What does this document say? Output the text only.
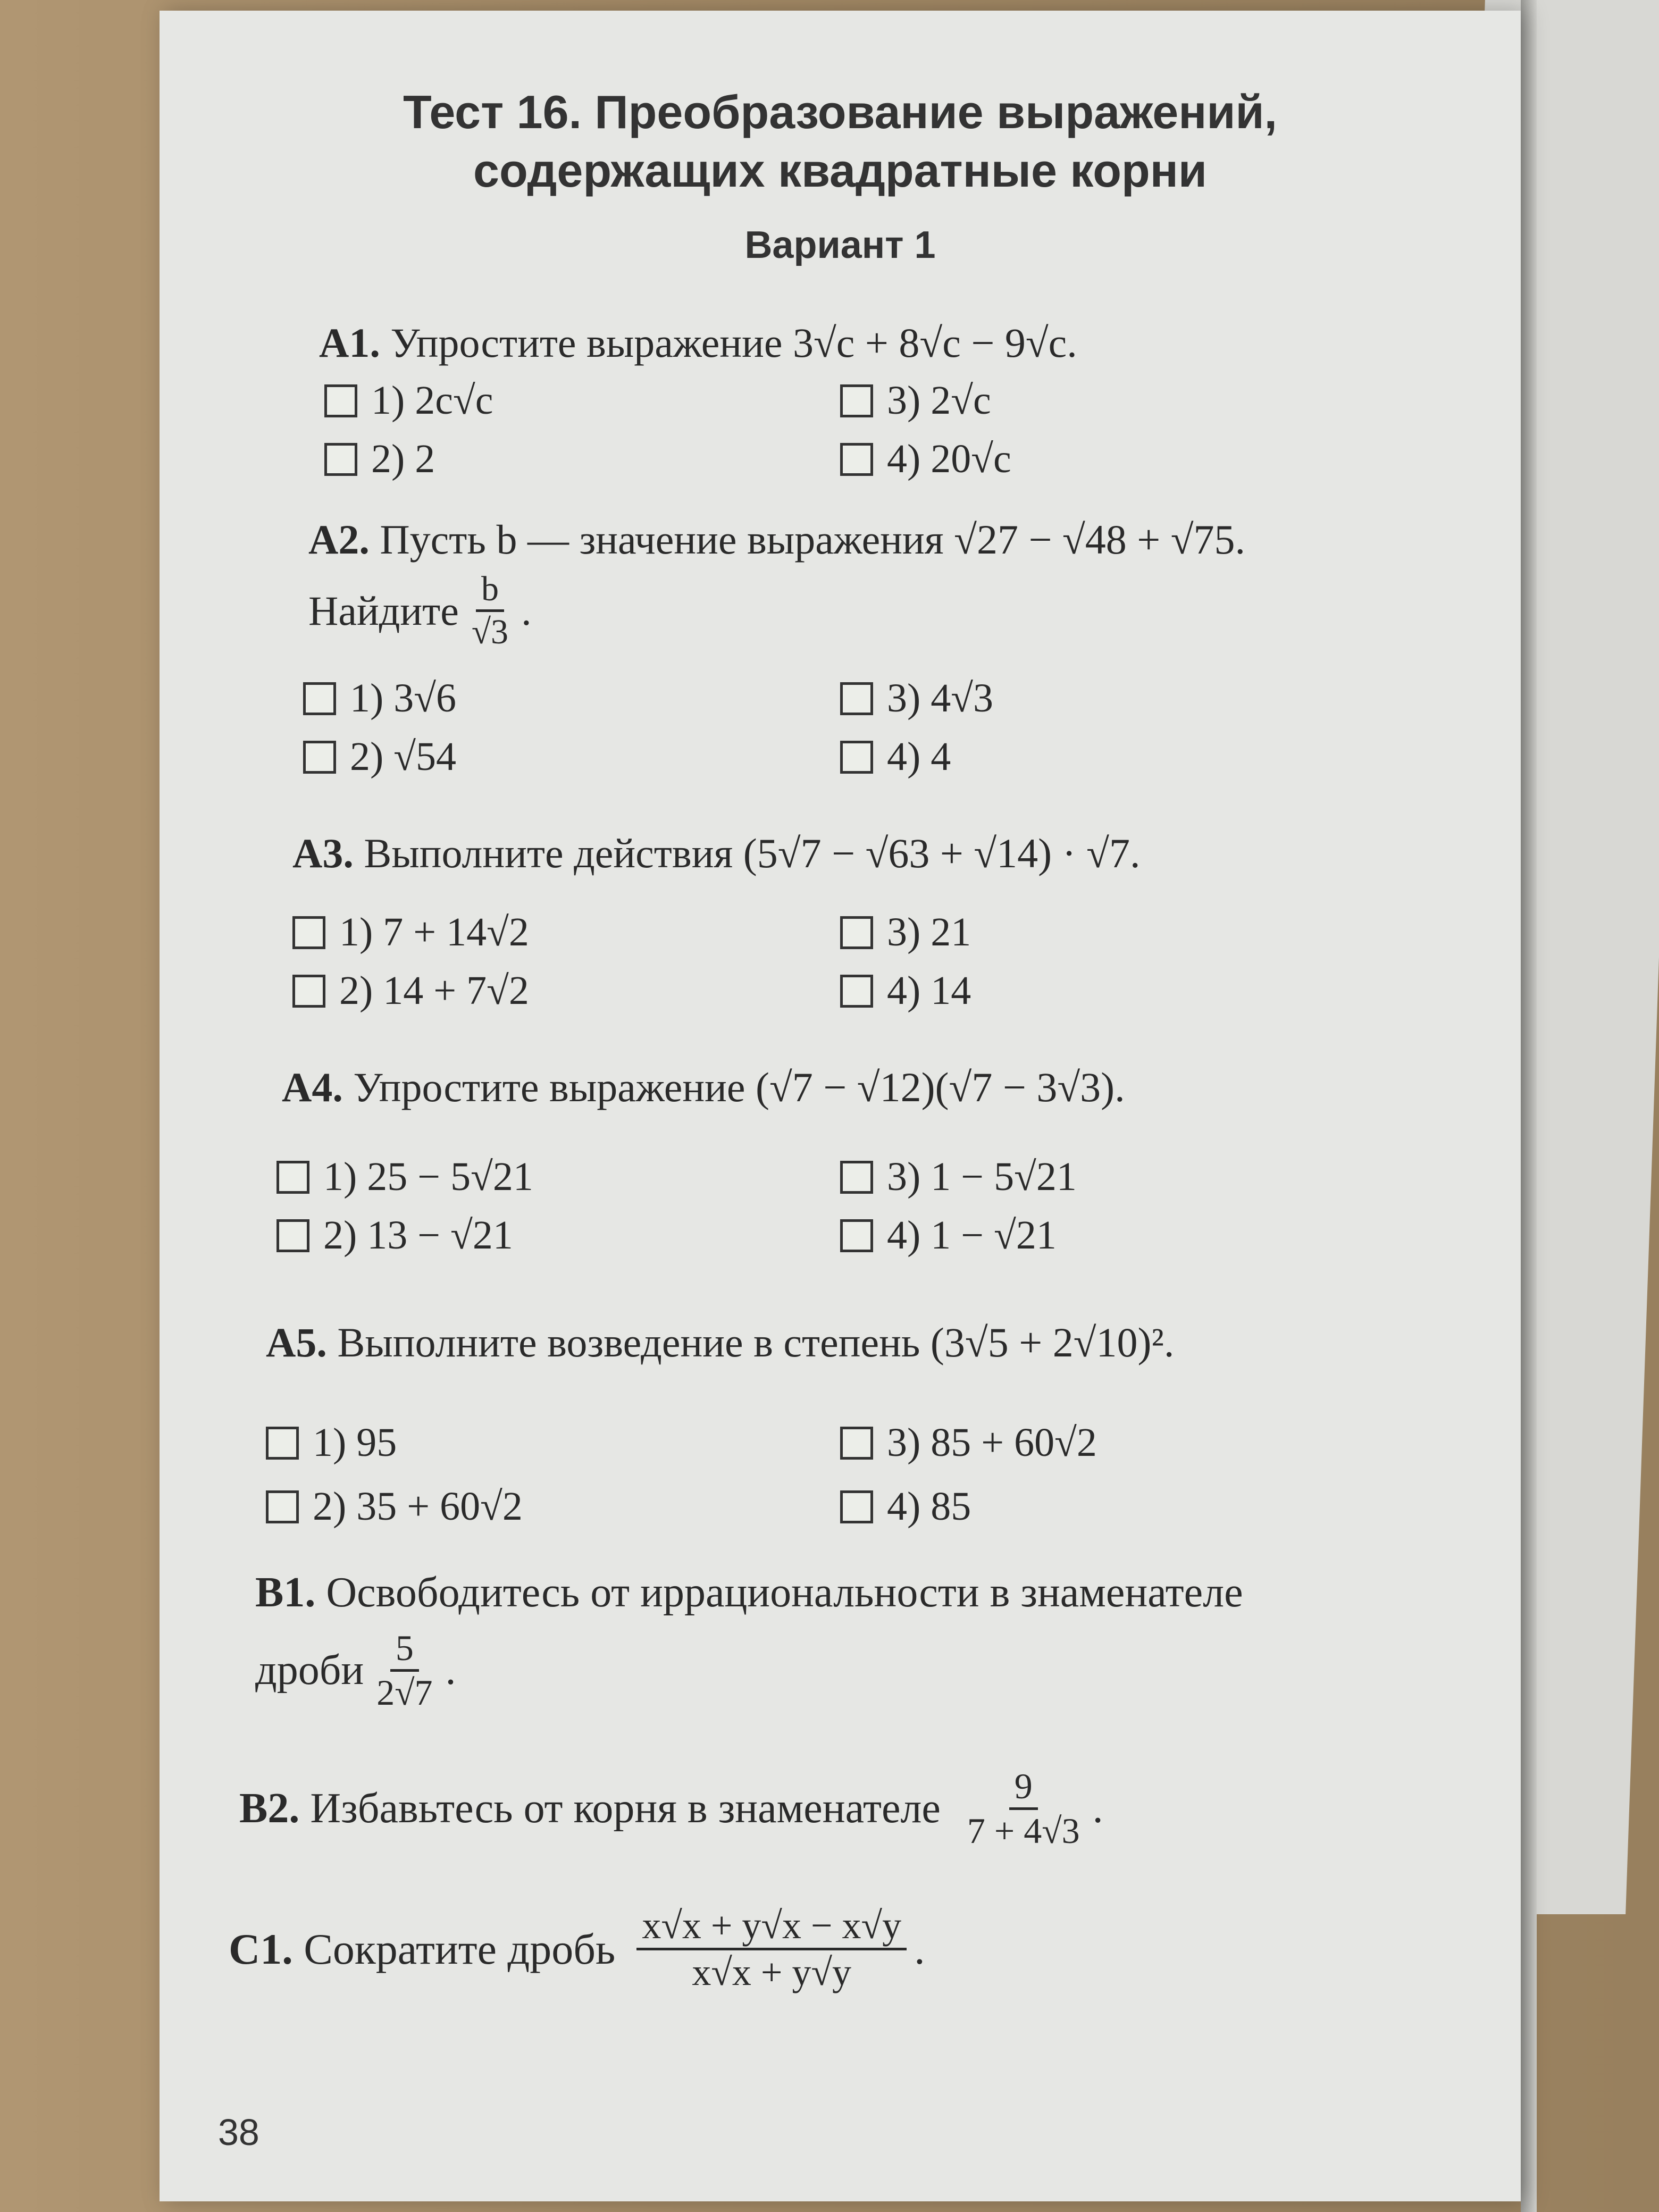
Тест 16. Преобразование выражений,
содержащих квадратные корни
Вариант 1
А1. Упростите выражение 3√c + 8√c − 9√c.
1) 2c√c	3) 2√c
2) 2	4) 20√c
А2. Пусть b — значение выражения √27 − √48 + √75.
Найдите $\frac{b}{√3}$ .
1) 3√6	3) 4√3
2) √54	4) 4
А3. Выполните действия (5√7 − √63 + √14) · √7.
1) 7 + 14√2	3) 21
2) 14 + 7√2	4) 14
А4. Упростите выражение (√7 − √12)(√7 − 3√3).
1) 25 − 5√21	3) 1 − 5√21
2) 13 − √21	4) 1 − √21
А5. Выполните возведение в степень (3√5 + 2√10)².
1) 95	3) 85 + 60√2
2) 35 + 60√2	4) 85
В1. Освободитесь от иррациональности в знаменателе
дроби $\frac{5}{2√7}$ .
В2.
Избавьтесь от корня в знаменателе $\frac{9}{7 + 4√3}$ .
С1.
Сократите дробь $\frac{x√x + y√x - x√y}{x√x + y√y}$ .
38
